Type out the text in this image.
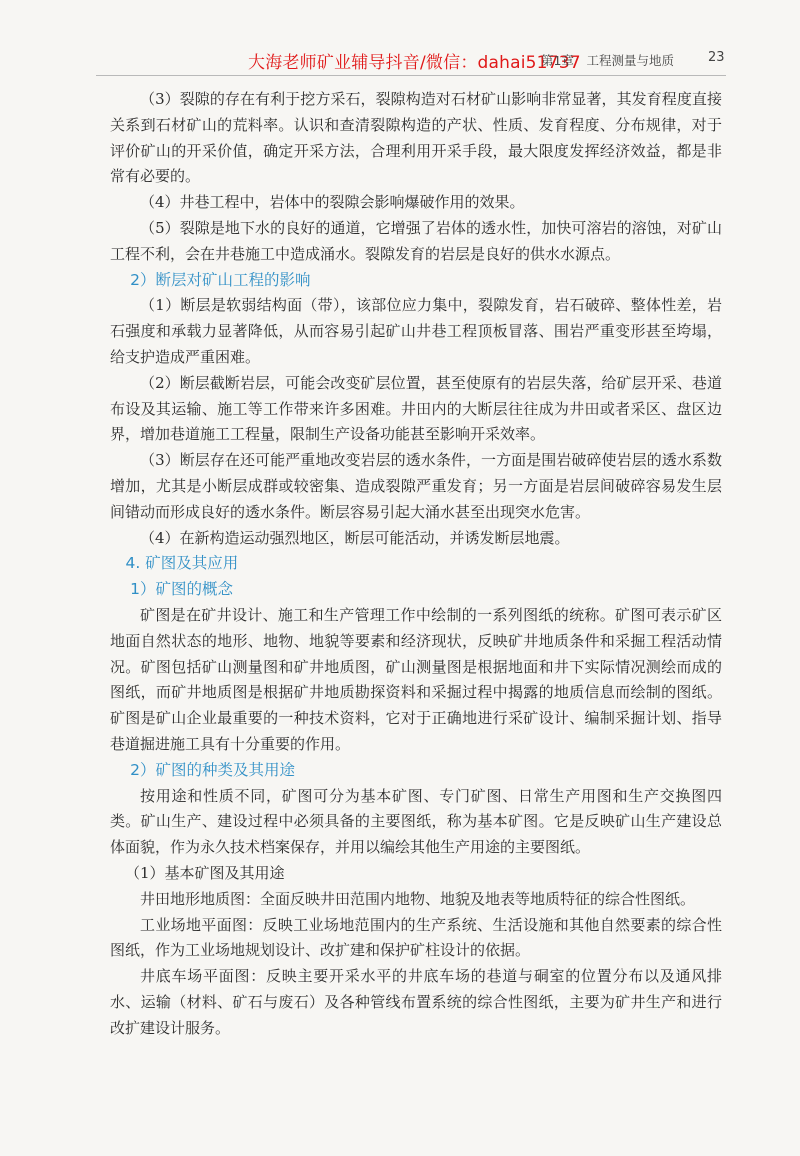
大海老师矿业辅导抖音/微信：dahai51737
第1章　工程测量与地质	23

（3）裂隙的存在有利于挖方采石，裂隙构造对石材矿山影响非常显著，其发育程度直接关系到石材矿山的荒料率。认识和查清裂隙构造的产状、性质、发育程度、分布规律，对于评价矿山的开采价值，确定开采方法，合理利用开采手段，最大限度发挥经济效益，都是非常有必要的。

（4）井巷工程中，岩体中的裂隙会影响爆破作用的效果。

（5）裂隙是地下水的良好的通道，它增强了岩体的透水性，加快可溶岩的溶蚀，对矿山工程不利，会在井巷施工中造成涌水。裂隙发育的岩层是良好的供水水源点。

2）断层对矿山工程的影响

（1）断层是软弱结构面（带），该部位应力集中，裂隙发育，岩石破碎、整体性差，岩石强度和承载力显著降低，从而容易引起矿山井巷工程顶板冒落、围岩严重变形甚至垮塌，给支护造成严重困难。

（2）断层截断岩层，可能会改变矿层位置，甚至使原有的岩层失落，给矿层开采、巷道布设及其运输、施工等工作带来许多困难。井田内的大断层往往成为井田或者采区、盘区边界，增加巷道施工工程量，限制生产设备功能甚至影响开采效率。

（3）断层存在还可能严重地改变岩层的透水条件，一方面是围岩破碎使岩层的透水系数增加，尤其是小断层成群或较密集、造成裂隙严重发育；另一方面是岩层间破碎容易发生层间错动而形成良好的透水条件。断层容易引起大涌水甚至出现突水危害。

（4）在新构造运动强烈地区，断层可能活动，并诱发断层地震。

4. 矿图及其应用
1）矿图的概念

矿图是在矿井设计、施工和生产管理工作中绘制的一系列图纸的统称。矿图可表示矿区地面自然状态的地形、地物、地貌等要素和经济现状，反映矿井地质条件和采掘工程活动情况。矿图包括矿山测量图和矿井地质图，矿山测量图是根据地面和井下实际情况测绘而成的图纸，而矿井地质图是根据矿井地质勘探资料和采掘过程中揭露的地质信息而绘制的图纸。矿图是矿山企业最重要的一种技术资料，它对于正确地进行采矿设计、编制采掘计划、指导巷道掘进施工具有十分重要的作用。

2）矿图的种类及其用途

按用途和性质不同，矿图可分为基本矿图、专门矿图、日常生产用图和生产交换图四类。矿山生产、建设过程中必须具备的主要图纸，称为基本矿图。它是反映矿山生产建设总体面貌，作为永久技术档案保存，并用以编绘其他生产用途的主要图纸。

（1）基本矿图及其用途

井田地形地质图：全面反映井田范围内地物、地貌及地表等地质特征的综合性图纸。

工业场地平面图：反映工业场地范围内的生产系统、生活设施和其他自然要素的综合性图纸，作为工业场地规划设计、改扩建和保护矿柱设计的依据。

井底车场平面图：反映主要开采水平的井底车场的巷道与硐室的位置分布以及通风排水、运输（材料、矿石与废石）及各种管线布置系统的综合性图纸，主要为矿井生产和进行改扩建设计服务。
